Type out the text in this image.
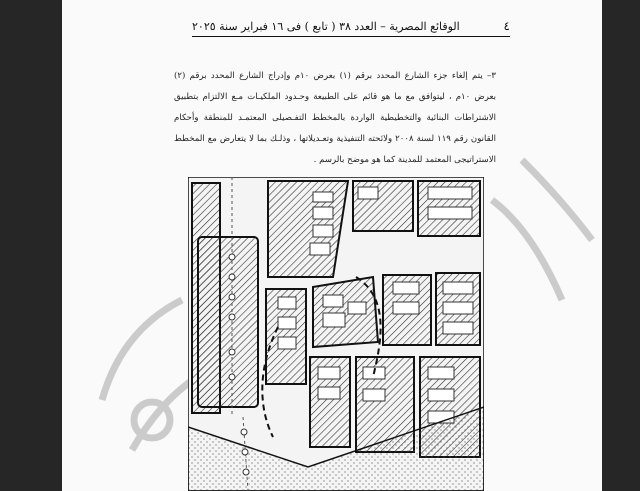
٤
الوقائع المصرية – العدد ٣٨ ( تابع ) فى ١٦ فبراير سنة ٢٠٢٥
٣– يتم إلغاء جزء الشارع المحدد برقم (١) بعرض ١٠م وإدراج الشارع المحدد برقم (٢) بعرض ١٠م ، ليتوافق مع ما هو قائم على الطبيعة وحـدود الملكيـات مـع الالتزام بتطبيق الاشتراطات البنائية والتخطيطية الواردة بالمخطط التفـصيلى المعتمـد للمنطقة وأحكام القانون رقم ١١٩ لسنة ٢٠٠٨ ولائحته التنفيذية وتعـديلاتها ، وذلـك بما لا يتعارض مع المخطط الاستراتيجى المعتمد للمدينة كما هو موضح بالرسم .
